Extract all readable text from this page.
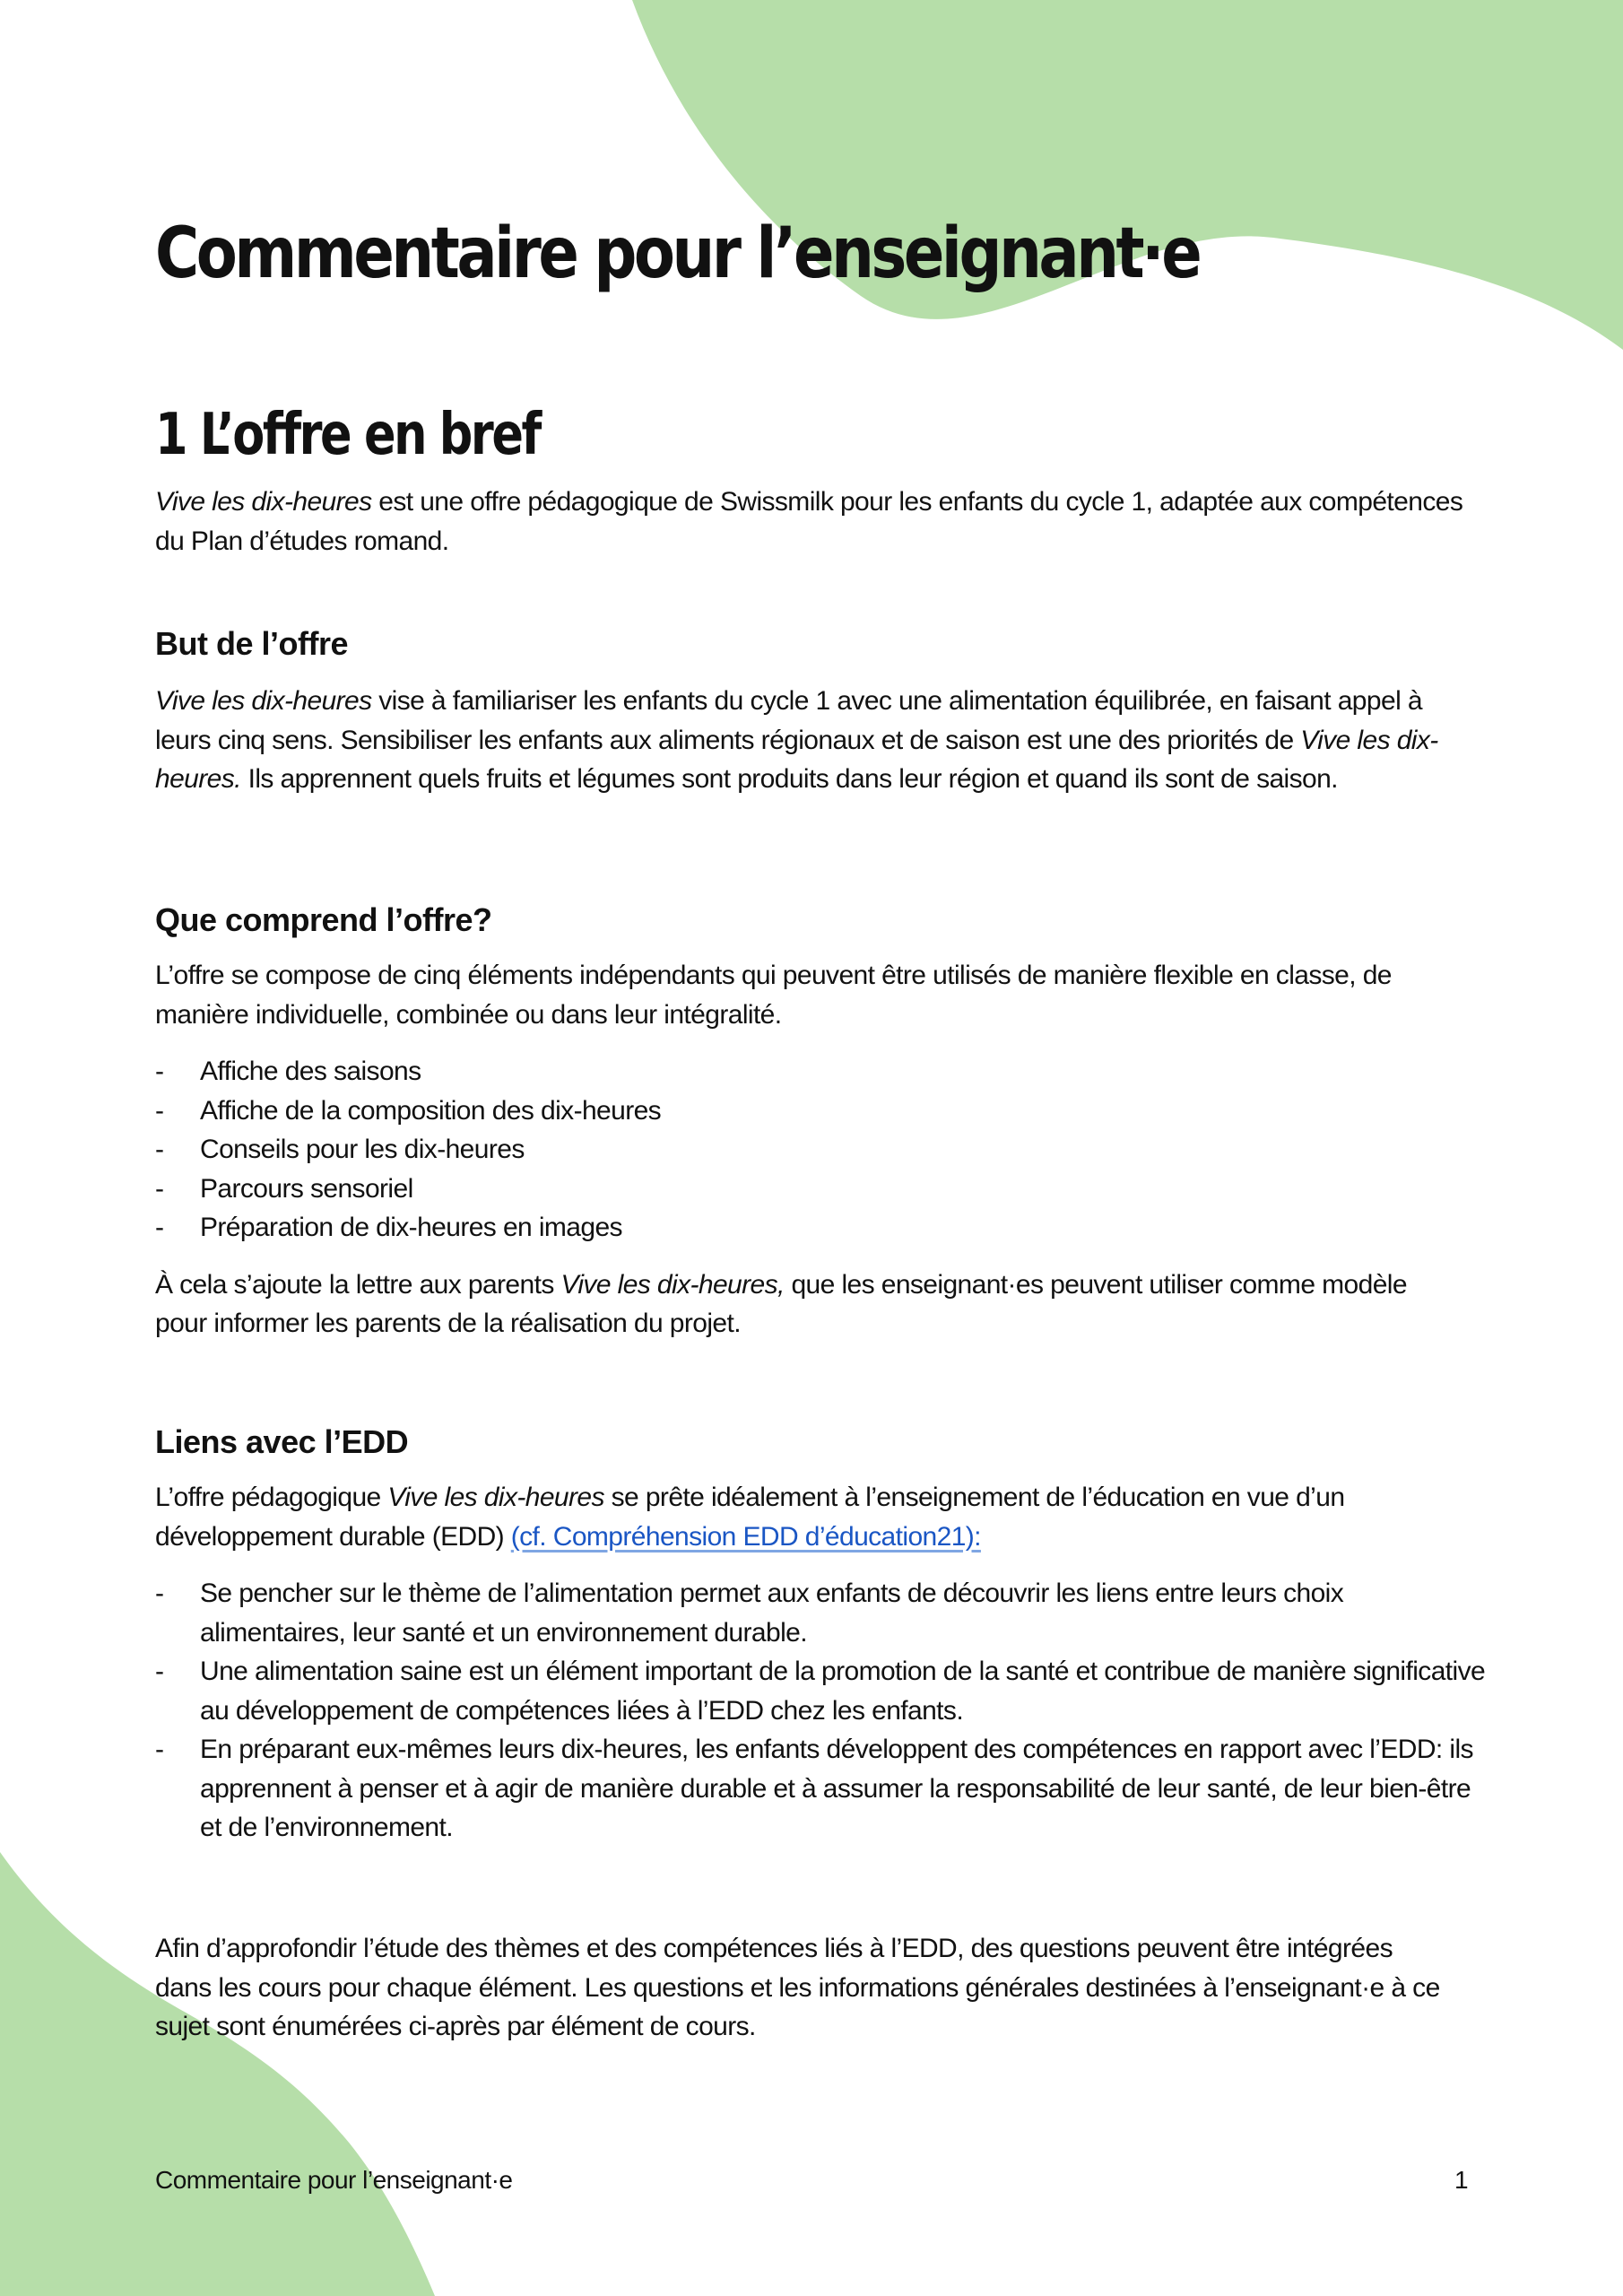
Commentaire pour l’enseignant·e
1 L’offre en bref

Vive les dix-heures est une offre pédagogique de Swissmilk pour les enfants du cycle 1, adaptée aux compétences du Plan d’études romand.

But de l’offre

Vive les dix-heures vise à familiariser les enfants du cycle 1 avec une alimentation équilibrée, en faisant appel à leurs cinq sens. Sensibiliser les enfants aux aliments régionaux et de saison est une des priorités de Vive les dix-heures. Ils apprennent quels fruits et légumes sont produits dans leur région et quand ils sont de saison.

Que comprend l’offre?

L’offre se compose de cinq éléments indépendants qui peuvent être utilisés de manière flexible en classe, de manière individuelle, combinée ou dans leur intégralité.

- Affiche des saisons
- Affiche de la composition des dix-heures
- Conseils pour les dix-heures
- Parcours sensoriel
- Préparation de dix-heures en images

À cela s’ajoute la lettre aux parents Vive les dix-heures, que les enseignant·es peuvent utiliser comme modèle pour informer les parents de la réalisation du projet.

Liens avec l’EDD

L’offre pédagogique Vive les dix-heures se prête idéalement à l’enseignement de l’éducation en vue d’un développement durable (EDD) (cf. Compréhension EDD d’éducation21):

- Se pencher sur le thème de l’alimentation permet aux enfants de découvrir les liens entre leurs choix alimentaires, leur santé et un environnement durable.
- Une alimentation saine est un élément important de la promotion de la santé et contribue de manière significative au développement de compétences liées à l’EDD chez les enfants.
- En préparant eux-mêmes leurs dix-heures, les enfants développent des compétences en rapport avec l’EDD: ils apprennent à penser et à agir de manière durable et à assumer la responsabilité de leur santé, de leur bien-être et de l’environnement.

Afin d’approfondir l’étude des thèmes et des compétences liés à l’EDD, des questions peuvent être intégrées dans les cours pour chaque élément. Les questions et les informations générales destinées à l’enseignant·e à ce sujet sont énumérées ci-après par élément de cours.

Commentaire pour l’enseignant·e	1
